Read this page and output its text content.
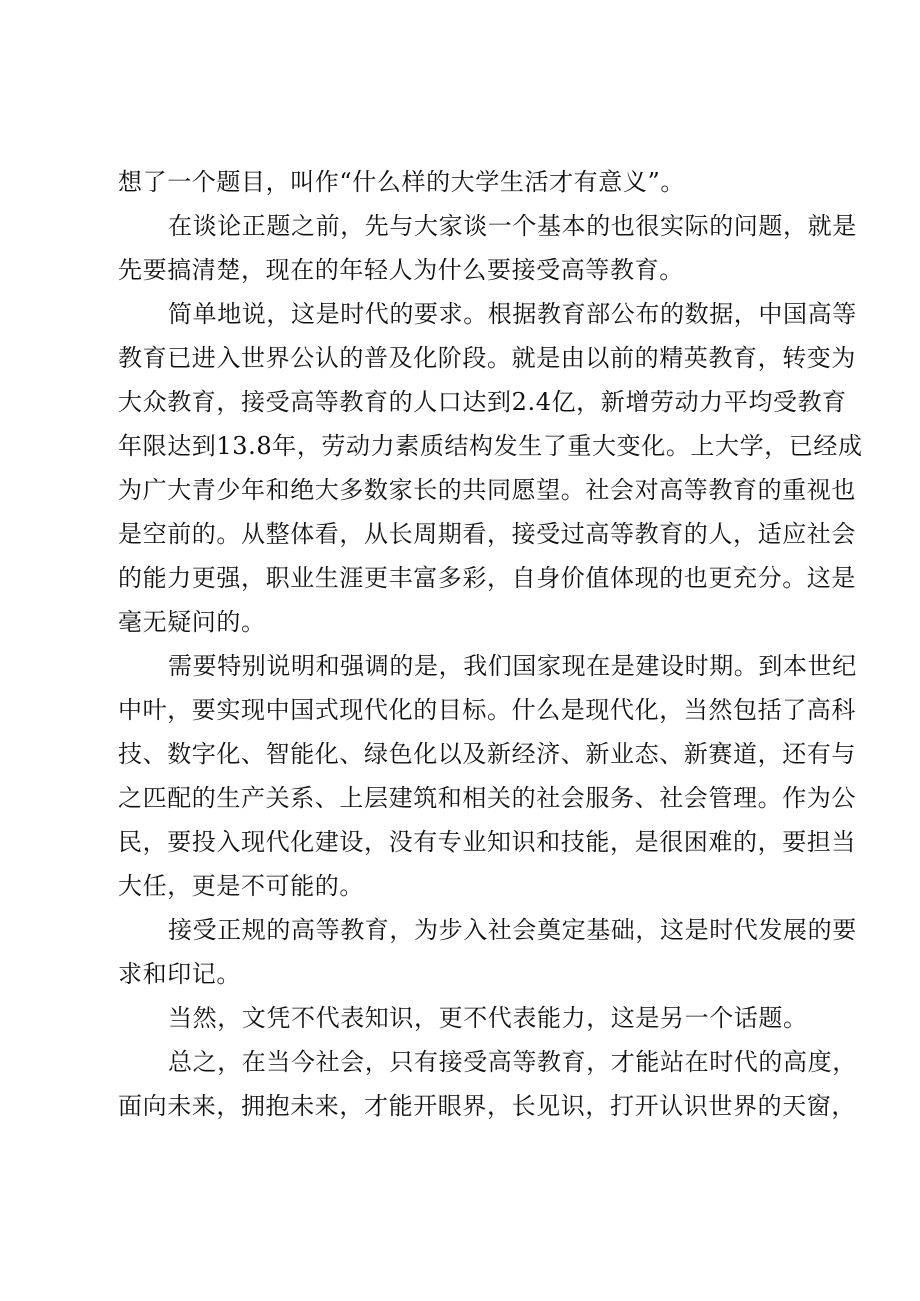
想了一个题目，叫作“什么样的大学生活才有意义”。
在谈论正题之前，先与大家谈一个基本的也很实际的问题，就是
先要搞清楚，现在的年轻人为什么要接受高等教育。
简单地说，这是时代的要求。根据教育部公布的数据，中国高等
教育已进入世界公认的普及化阶段。就是由以前的精英教育，转变为
大众教育，接受高等教育的人口达到2.4亿，新增劳动力平均受教育
年限达到13.8年，劳动力素质结构发生了重大变化。上大学，已经成
为广大青少年和绝大多数家长的共同愿望。社会对高等教育的重视也
是空前的。从整体看，从长周期看，接受过高等教育的人，适应社会
的能力更强，职业生涯更丰富多彩，自身价值体现的也更充分。这是
毫无疑问的。
需要特别说明和强调的是，我们国家现在是建设时期。到本世纪
中叶，要实现中国式现代化的目标。什么是现代化，当然包括了高科
技、数字化、智能化、绿色化以及新经济、新业态、新赛道，还有与
之匹配的生产关系、上层建筑和相关的社会服务、社会管理。作为公
民，要投入现代化建设，没有专业知识和技能，是很困难的，要担当
大任，更是不可能的。
接受正规的高等教育，为步入社会奠定基础，这是时代发展的要
求和印记。
当然，文凭不代表知识，更不代表能力，这是另一个话题。
总之，在当今社会，只有接受高等教育，才能站在时代的高度，
面向未来，拥抱未来，才能开眼界，长见识，打开认识世界的天窗，
